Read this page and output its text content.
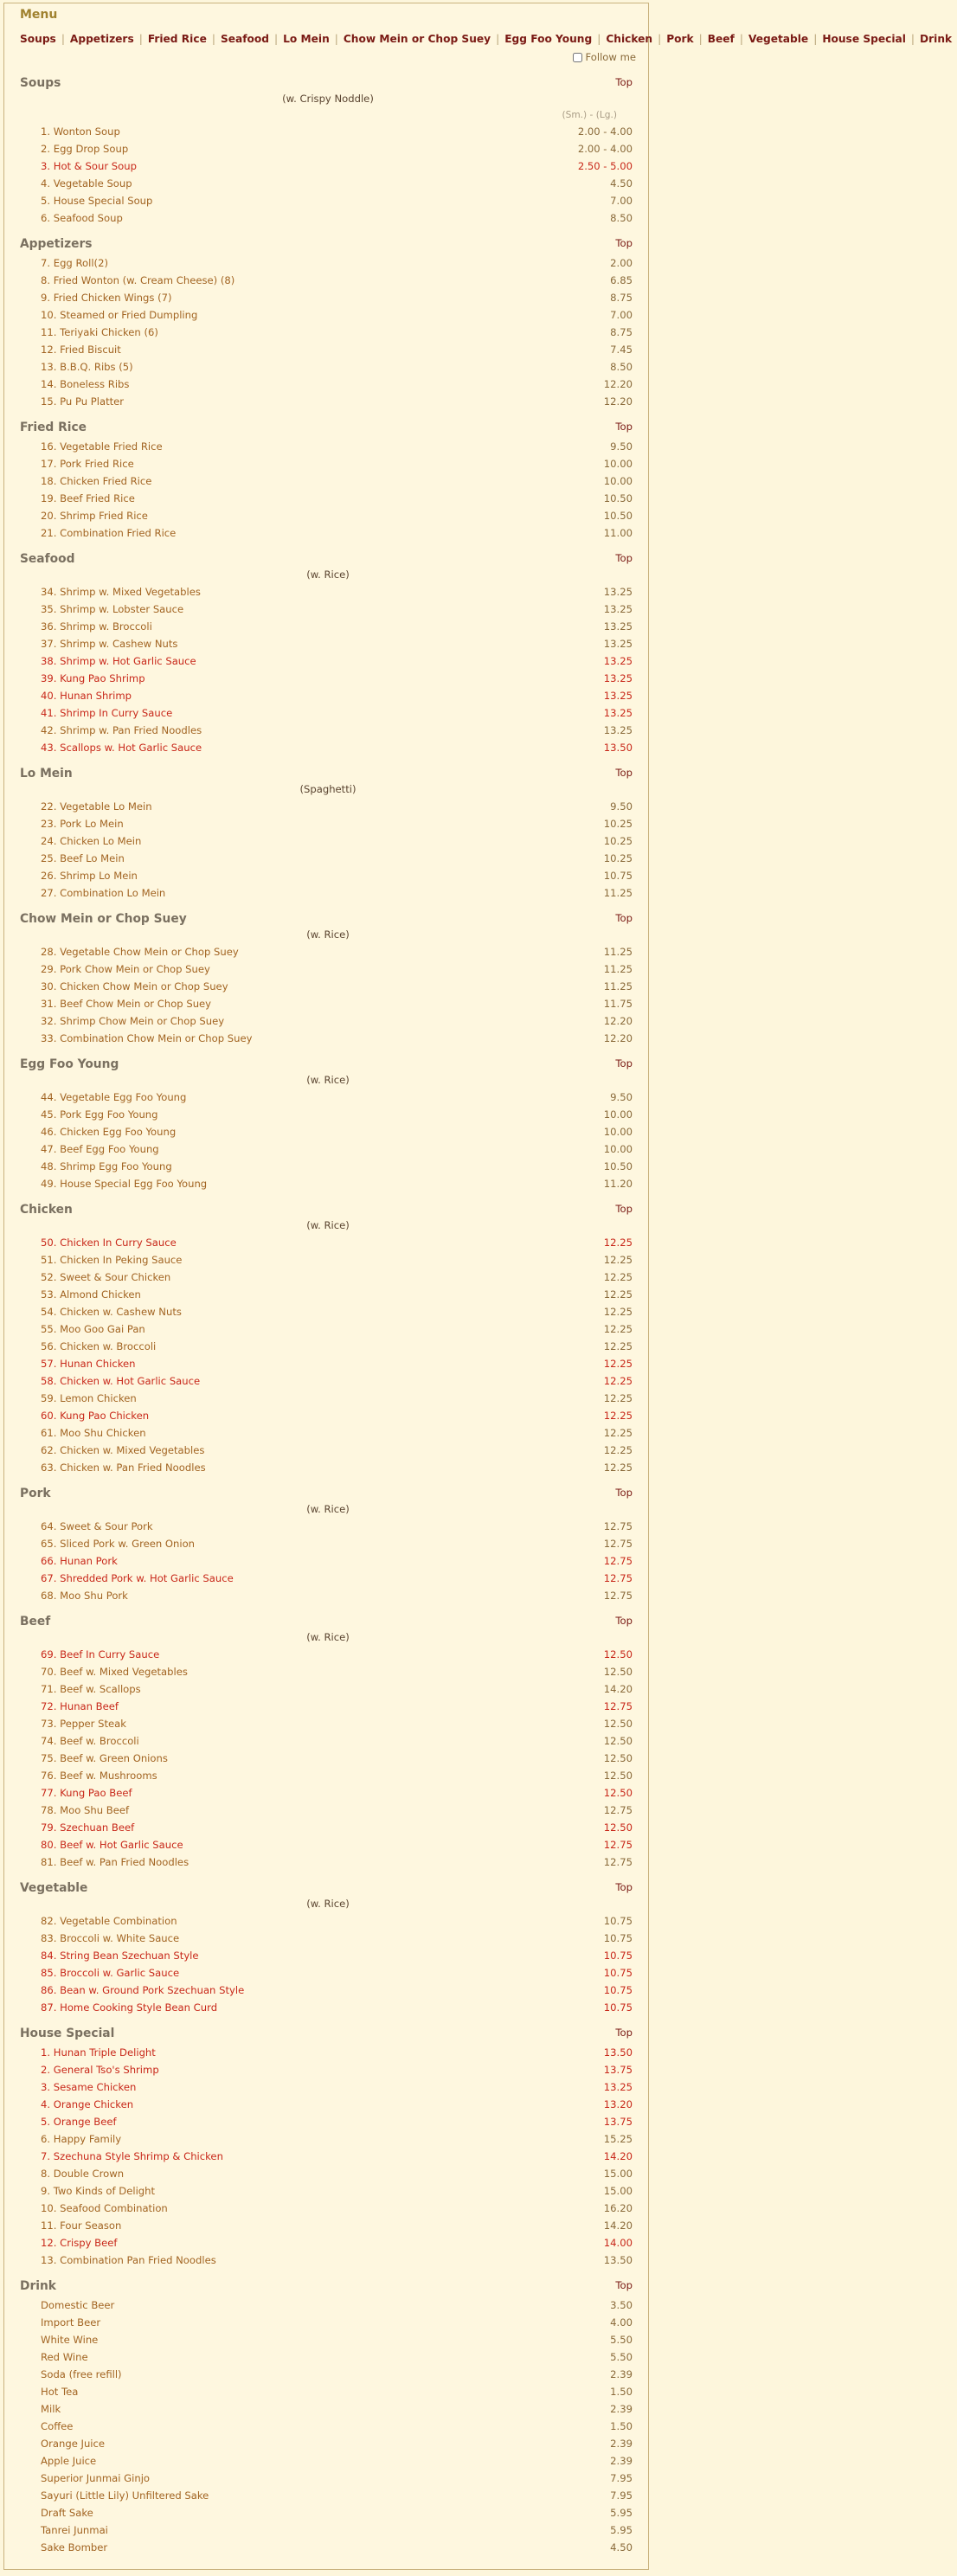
Menu
Soups | Appetizers | Fried Rice | Seafood | Lo Mein | Chow Mein or Chop Suey | Egg Foo Young | Chicken | Pork | Beef | Vegetable | House Special | Drink
Follow me
Soups	Top
(w. Crispy Noddle)
(Sm.) - (Lg.)
1. Wonton Soup	2.00 - 4.00
2. Egg Drop Soup	2.00 - 4.00
3. Hot & Sour Soup	2.50 - 5.00
4. Vegetable Soup	4.50
5. House Special Soup	7.00
6. Seafood Soup	8.50
Appetizers	Top
7. Egg Roll(2)	2.00
8. Fried Wonton (w. Cream Cheese) (8)	6.85
9. Fried Chicken Wings (7)	8.75
10. Steamed or Fried Dumpling	7.00
11. Teriyaki Chicken (6)	8.75
12. Fried Biscuit	7.45
13. B.B.Q. Ribs (5)	8.50
14. Boneless Ribs	12.20
15. Pu Pu Platter	12.20
Fried Rice	Top
16. Vegetable Fried Rice	9.50
17. Pork Fried Rice	10.00
18. Chicken Fried Rice	10.00
19. Beef Fried Rice	10.50
20. Shrimp Fried Rice	10.50
21. Combination Fried Rice	11.00
Seafood	Top
(w. Rice)
34. Shrimp w. Mixed Vegetables	13.25
35. Shrimp w. Lobster Sauce	13.25
36. Shrimp w. Broccoli	13.25
37. Shrimp w. Cashew Nuts	13.25
38. Shrimp w. Hot Garlic Sauce	13.25
39. Kung Pao Shrimp	13.25
40. Hunan Shrimp	13.25
41. Shrimp In Curry Sauce	13.25
42. Shrimp w. Pan Fried Noodles	13.25
43. Scallops w. Hot Garlic Sauce	13.50
Lo Mein	Top
(Spaghetti)
22. Vegetable Lo Mein	9.50
23. Pork Lo Mein	10.25
24. Chicken Lo Mein	10.25
25. Beef Lo Mein	10.25
26. Shrimp Lo Mein	10.75
27. Combination Lo Mein	11.25
Chow Mein or Chop Suey	Top
(w. Rice)
28. Vegetable Chow Mein or Chop Suey	11.25
29. Pork Chow Mein or Chop Suey	11.25
30. Chicken Chow Mein or Chop Suey	11.25
31. Beef Chow Mein or Chop Suey	11.75
32. Shrimp Chow Mein or Chop Suey	12.20
33. Combination Chow Mein or Chop Suey	12.20
Egg Foo Young	Top
(w. Rice)
44. Vegetable Egg Foo Young	9.50
45. Pork Egg Foo Young	10.00
46. Chicken Egg Foo Young	10.00
47. Beef Egg Foo Young	10.00
48. Shrimp Egg Foo Young	10.50
49. House Special Egg Foo Young	11.20
Chicken	Top
(w. Rice)
50. Chicken In Curry Sauce	12.25
51. Chicken In Peking Sauce	12.25
52. Sweet & Sour Chicken	12.25
53. Almond Chicken	12.25
54. Chicken w. Cashew Nuts	12.25
55. Moo Goo Gai Pan	12.25
56. Chicken w. Broccoli	12.25
57. Hunan Chicken	12.25
58. Chicken w. Hot Garlic Sauce	12.25
59. Lemon Chicken	12.25
60. Kung Pao Chicken	12.25
61. Moo Shu Chicken	12.25
62. Chicken w. Mixed Vegetables	12.25
63. Chicken w. Pan Fried Noodles	12.25
Pork	Top
(w. Rice)
64. Sweet & Sour Pork	12.75
65. Sliced Pork w. Green Onion	12.75
66. Hunan Pork	12.75
67. Shredded Pork w. Hot Garlic Sauce	12.75
68. Moo Shu Pork	12.75
Beef	Top
(w. Rice)
69. Beef In Curry Sauce	12.50
70. Beef w. Mixed Vegetables	12.50
71. Beef w. Scallops	14.20
72. Hunan Beef	12.75
73. Pepper Steak	12.50
74. Beef w. Broccoli	12.50
75. Beef w. Green Onions	12.50
76. Beef w. Mushrooms	12.50
77. Kung Pao Beef	12.50
78. Moo Shu Beef	12.75
79. Szechuan Beef	12.50
80. Beef w. Hot Garlic Sauce	12.75
81. Beef w. Pan Fried Noodles	12.75
Vegetable	Top
(w. Rice)
82. Vegetable Combination	10.75
83. Broccoli w. White Sauce	10.75
84. String Bean Szechuan Style	10.75
85. Broccoli w. Garlic Sauce	10.75
86. Bean w. Ground Pork Szechuan Style	10.75
87. Home Cooking Style Bean Curd	10.75
House Special	Top
1. Hunan Triple Delight	13.50
2. General Tso's Shrimp	13.75
3. Sesame Chicken	13.25
4. Orange Chicken	13.20
5. Orange Beef	13.75
6. Happy Family	15.25
7. Szechuna Style Shrimp & Chicken	14.20
8. Double Crown	15.00
9. Two Kinds of Delight	15.00
10. Seafood Combination	16.20
11. Four Season	14.20
12. Crispy Beef	14.00
13. Combination Pan Fried Noodles	13.50
Drink	Top
Domestic Beer	3.50
Import Beer	4.00
White Wine	5.50
Red Wine	5.50
Soda (free refill)	2.39
Hot Tea	1.50
Milk	2.39
Coffee	1.50
Orange Juice	2.39
Apple Juice	2.39
Superior Junmai Ginjo	7.95
Sayuri (Little Lily) Unfiltered Sake	7.95
Draft Sake	5.95
Tanrei Junmai	5.95
Sake Bomber	4.50
